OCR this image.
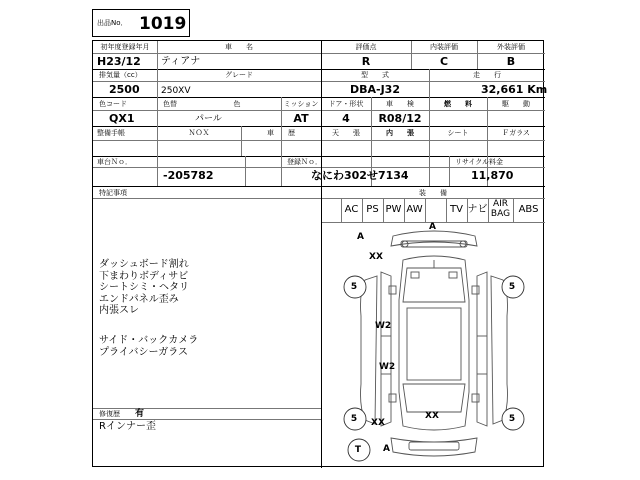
出品No． 1019
初年度登録年月	車　　名	評価点	内装評価	外装評価
H23/12 ティアナ	R	C	B
排気量（cc）	グレード	型　　式	走　　行
2500 250XV	DBA-J32	32,661 Km
色コード	色替	色	ミッション	ドア・形状	車　　検	燃　　料	駆　　動
QX1	パール	AT	4	R08/12
整備手帳	ＮＯＸ	車　　歴	天　　張	内　　張	シート	Ｆガラス
車台Ｎｏ．	登録Ｎｏ．	リサイクル料金
-205782	なにわ302せ7134	11,870
特記事項
ダッシュボード割れ
下まわりボディサビ
シートシミ・ヘタリ
エンドパネル歪み
内張スレ
サイド・バックカメラ
プライバシーガラス
修復歴 有
Rインナー歪
装　　備
AC PS PW AW	TV ナビ AIR BAG ABS
A
A
XX
W2
W2
XX
XX
A
5	5
5	5
T
